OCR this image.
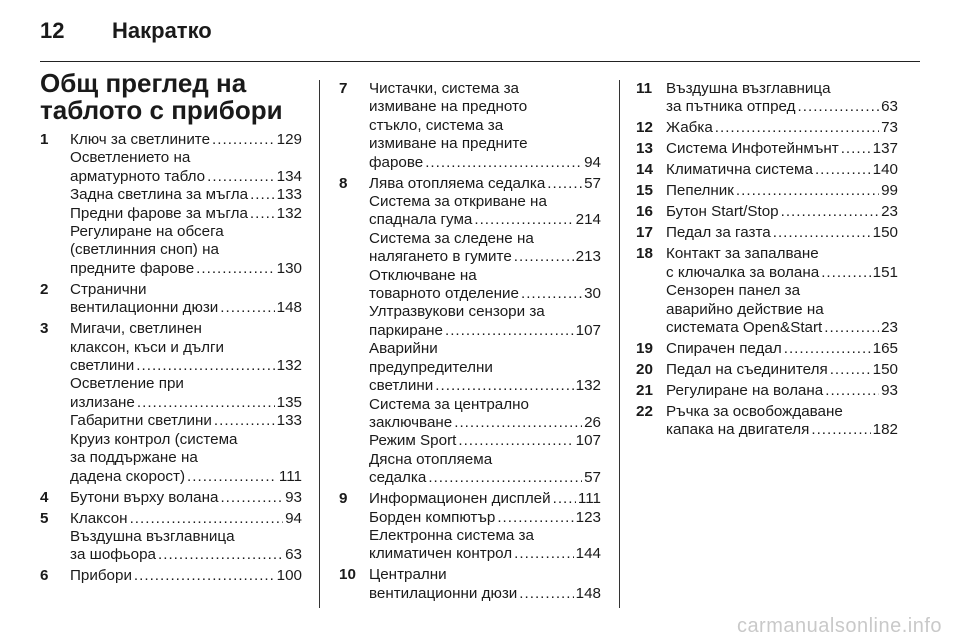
12	Накратко
Общ преглед на таблото с прибори
1	Ключ за светлините .....	129
Осветлението на
арматурното табло .....	134
Задна светлина за мъгла ..... 133
Предни фарове за мъгла ..... 132
Регулиране на обсега
(светлинния сноп) на
предните фарове .....	130
2	Странични
вентилационни дюзи .....	148
3	Мигачи, светлинен
клаксон, къси и дълги
светлини .....	132
Осветление при
излизане .....	135
Габаритни светлини .....	133
Круиз контрол (система
за поддържане на
дадена скорост) .....	111
4	Бутони върху волана .....	93
5	Клаксон .....	94
Въздушна възглавница
за шофьора .....	63
6	Прибори .....	100
7	Чистачки, система за
измиване на предното
стъкло, система за
измиване на предните
фарове .....	94
8	Лява отопляема седалка .....	57
Система за откриване на
спаднала гума .....	214
Система за следене на
налягането в гумите .....	213
Отключване на
товарното отделение .....	30
Ултразвукови сензори за
паркиране .....	107
Аварийни
предупредителни
светлини .....	132
Система за централно
заключване .....	26
Режим Sport .....	107
Дясна отопляема
седалка .....	57
9	Информационен дисплей ..... 111
Борден компютър .....	123
Електронна система за
климатичен контрол .....	144
10 Централни
вентилационни дюзи .....	148
11 Въздушна възглавница
за пътника отпред .....	63
12 Жабка .....	73
13 Система Инфотейнмънт ..... 137
14 Климатична система .....	140
15 Пепелник .....	99
16 Бутон Start/Stop .....	23
17 Педал за газта .....	150
18 Контакт за запалване
с ключалка за волана .....	151
Сензорен панел за
аварийно действие на
системата Open&Start .....	23
19 Спирачен педал .....	165
20 Педал на съединителя .....	150
21 Регулиране на волана .....	93
22 Ръчка за освобождаване
капака на двигателя .....	182
carmanualsonline.info
